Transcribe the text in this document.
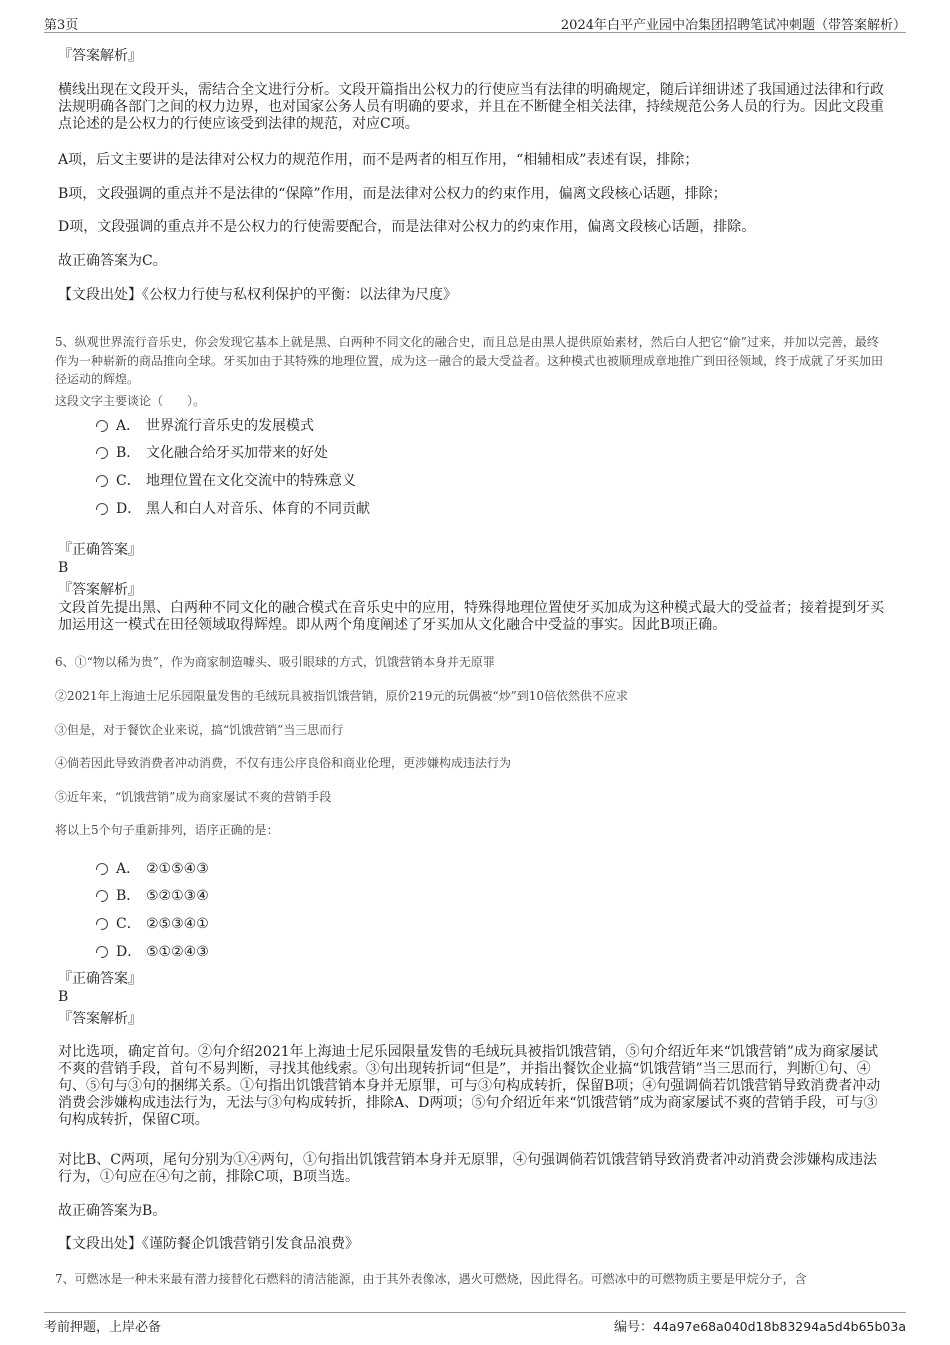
第3页	2024年白平产业园中冶集团招聘笔试冲刺题（带答案解析）
『答案解析』
横线出现在文段开头，需结合全文进行分析。文段开篇指出公权力的行使应当有法律的明确规定，随后详细讲述了我国通过法律和行政法规明确各部门之间的权力边界，也对国家公务人员有明确的要求，并且在不断健全相关法律，持续规范公务人员的行为。因此文段重点论述的是公权力的行使应该受到法律的规范，对应C项。
A项，后文主要讲的是法律对公权力的规范作用，而不是两者的相互作用，“相辅相成”表述有误，排除；
B项，文段强调的重点并不是法律的“保障”作用，而是法律对公权力的约束作用，偏离文段核心话题，排除；
D项，文段强调的重点并不是公权力的行使需要配合，而是法律对公权力的约束作用，偏离文段核心话题，排除。
故正确答案为C。
【文段出处】《公权力行使与私权利保护的平衡：以法律为尺度》
5、纵观世界流行音乐史，你会发现它基本上就是黑、白两种不同文化的融合史，而且总是由黑人提供原始素材，然后白人把它“偷”过来，并加以完善，最终作为一种崭新的商品推向全球。牙买加由于其特殊的地理位置，成为这一融合的最大受益者。这种模式也被顺理成章地推广到田径领域，终于成就了牙买加田径运动的辉煌。
这段文字主要谈论（　　）。
A． 世界流行音乐史的发展模式
B． 文化融合给牙买加带来的好处
C． 地理位置在文化交流中的特殊意义
D． 黑人和白人对音乐、体育的不同贡献
『正确答案』
B
『答案解析』
文段首先提出黑、白两种不同文化的融合模式在音乐史中的应用，特殊得地理位置使牙买加成为这种模式最大的受益者；接着提到牙买加运用这一模式在田径领域取得辉煌。即从两个角度阐述了牙买加从文化融合中受益的事实。因此B项正确。
6、①“物以稀为贵”，作为商家制造噱头、吸引眼球的方式，饥饿营销本身并无原罪
②2021年上海迪士尼乐园限量发售的毛绒玩具被指饥饿营销，原价219元的玩偶被“炒”到10倍依然供不应求
③但是，对于餐饮企业来说，搞“饥饿营销”当三思而行
④倘若因此导致消费者冲动消费，不仅有违公序良俗和商业伦理，更涉嫌构成违法行为
⑤近年来，“饥饿营销”成为商家屡试不爽的营销手段
将以上5个句子重新排列，语序正确的是：
A． ②①⑤④③
B． ⑤②①③④
C． ②⑤③④①
D． ⑤①②④③
『正确答案』
B
『答案解析』
对比选项，确定首句。②句介绍2021年上海迪士尼乐园限量发售的毛绒玩具被指饥饿营销，⑤句介绍近年来“饥饿营销”成为商家屡试不爽的营销手段，首句不易判断，寻找其他线索。③句出现转折词“但是”，并指出餐饮企业搞“饥饿营销”当三思而行，判断①句、④句、⑤句与③句的捆绑关系。①句指出饥饿营销本身并无原罪，可与③句构成转折，保留B项；④句强调倘若饥饿营销导致消费者冲动消费会涉嫌构成违法行为，无法与③句构成转折，排除A、D两项；⑤句介绍近年来“饥饿营销”成为商家屡试不爽的营销手段，可与③句构成转折，保留C项。
对比B、C两项，尾句分别为①④两句，①句指出饥饿营销本身并无原罪，④句强调倘若饥饿营销导致消费者冲动消费会涉嫌构成违法行为，①句应在④句之前，排除C项，B项当选。
故正确答案为B。
【文段出处】《谨防餐企饥饿营销引发食品浪费》
7、可燃冰是一种未来最有潜力接替化石燃料的清洁能源，由于其外表像冰，遇火可燃烧，因此得名。可燃冰中的可燃物质主要是甲烷分子，含
考前押题，上岸必备	编号：44a97e68a040d18b83294a5d4b65b03a
